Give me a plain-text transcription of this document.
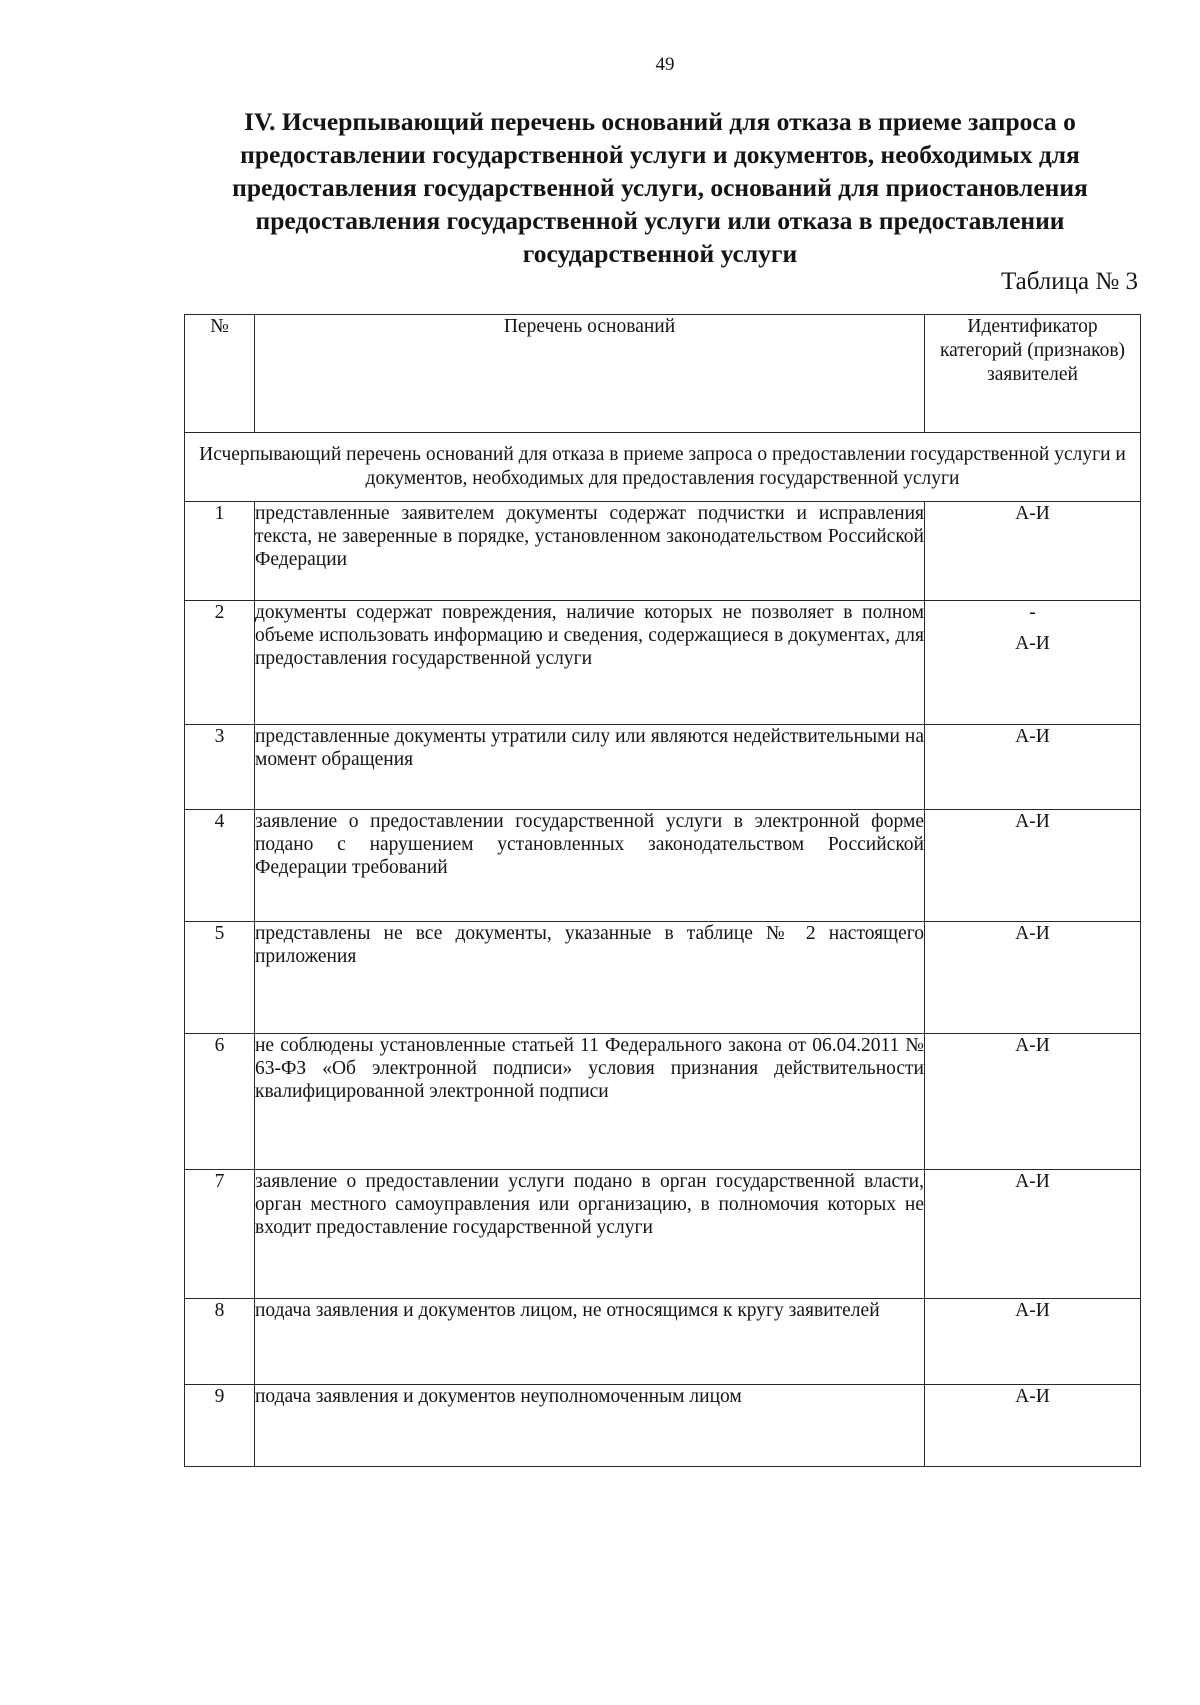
49
IV. Исчерпывающий перечень оснований для отказа в приеме запроса о предоставлении государственной услуги и документов, необходимых для предоставления государственной услуги, оснований для приостановления предоставления государственной услуги или отказа в предоставлении государственной услуги
Таблица № 3
№	Перечень оснований	Идентификатор категорий (признаков) заявителей
Исчерпывающий перечень оснований для отказа в приеме запроса о предоставлении государственной услуги и документов, необходимых для предоставления государственной услуги		
1	представленные заявителем документы содержат подчистки и исправления текста, не заверенные в порядке, установленном законодательством Российской Федерации	А-И
2	документы содержат повреждения, наличие которых не позволяет в полном объеме использовать информацию и сведения, содержащиеся в документах, для предоставления государственной услуги	-
А-И
3	представленные документы утратили силу или являются недействительными на момент обращения	А-И
4	заявление о предоставлении государственной услуги в электронной форме подано с нарушением установленных законодательством Российской Федерации требований	А-И
5	представлены не все документы, указанные в таблице № 2 настоящего приложения	А-И
6	не соблюдены установленные статьей 11 Федерального закона от 06.04.2011 № 63-ФЗ «Об электронной подписи» условия признания действительности квалифицированной электронной подписи	А-И
7	заявление о предоставлении услуги подано в орган государственной власти, орган местного самоуправления или организацию, в полномочия которых не входит предоставление государственной услуги	А-И
8	подача заявления и документов лицом, не относящимся к кругу заявителей	А-И
9	подача заявления и документов неуполномоченным лицом	А-И
